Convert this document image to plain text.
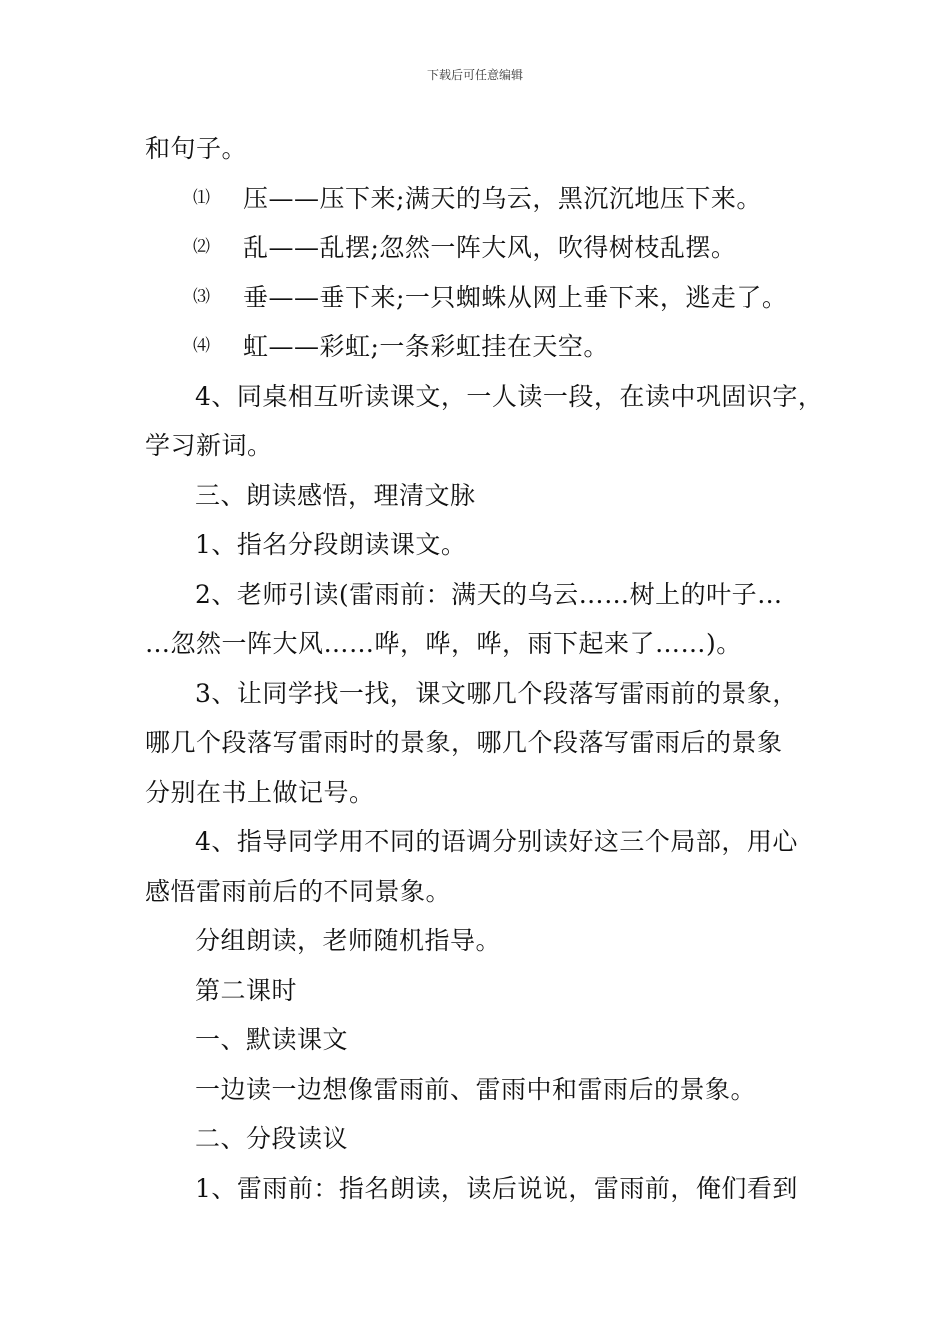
下载后可任意编辑
和句子。
⑴ 压——压下来;满天的乌云，黑沉沉地压下来。
⑵ 乱——乱摆;忽然一阵大风，吹得树枝乱摆。
⑶ 垂——垂下来;一只蜘蛛从网上垂下来，逃走了。
⑷ 虹——彩虹;一条彩虹挂在天空。
4、同桌相互听读课文，一人读一段，在读中巩固识字，
学习新词。
三、朗读感悟，理清文脉
1、指名分段朗读课文。
2、老师引读(雷雨前：满天的乌云……树上的叶子…
…忽然一阵大风……哗，哗，哗，雨下起来了……)。
3、让同学找一找，课文哪几个段落写雷雨前的景象，
哪几个段落写雷雨时的景象，哪几个段落写雷雨后的景象
分别在书上做记号。
4、指导同学用不同的语调分别读好这三个局部，用心
感悟雷雨前后的不同景象。
分组朗读，老师随机指导。
第二课时
一、默读课文
一边读一边想像雷雨前、雷雨中和雷雨后的景象。
二、分段读议
1、雷雨前：指名朗读，读后说说，雷雨前，俺们看到
